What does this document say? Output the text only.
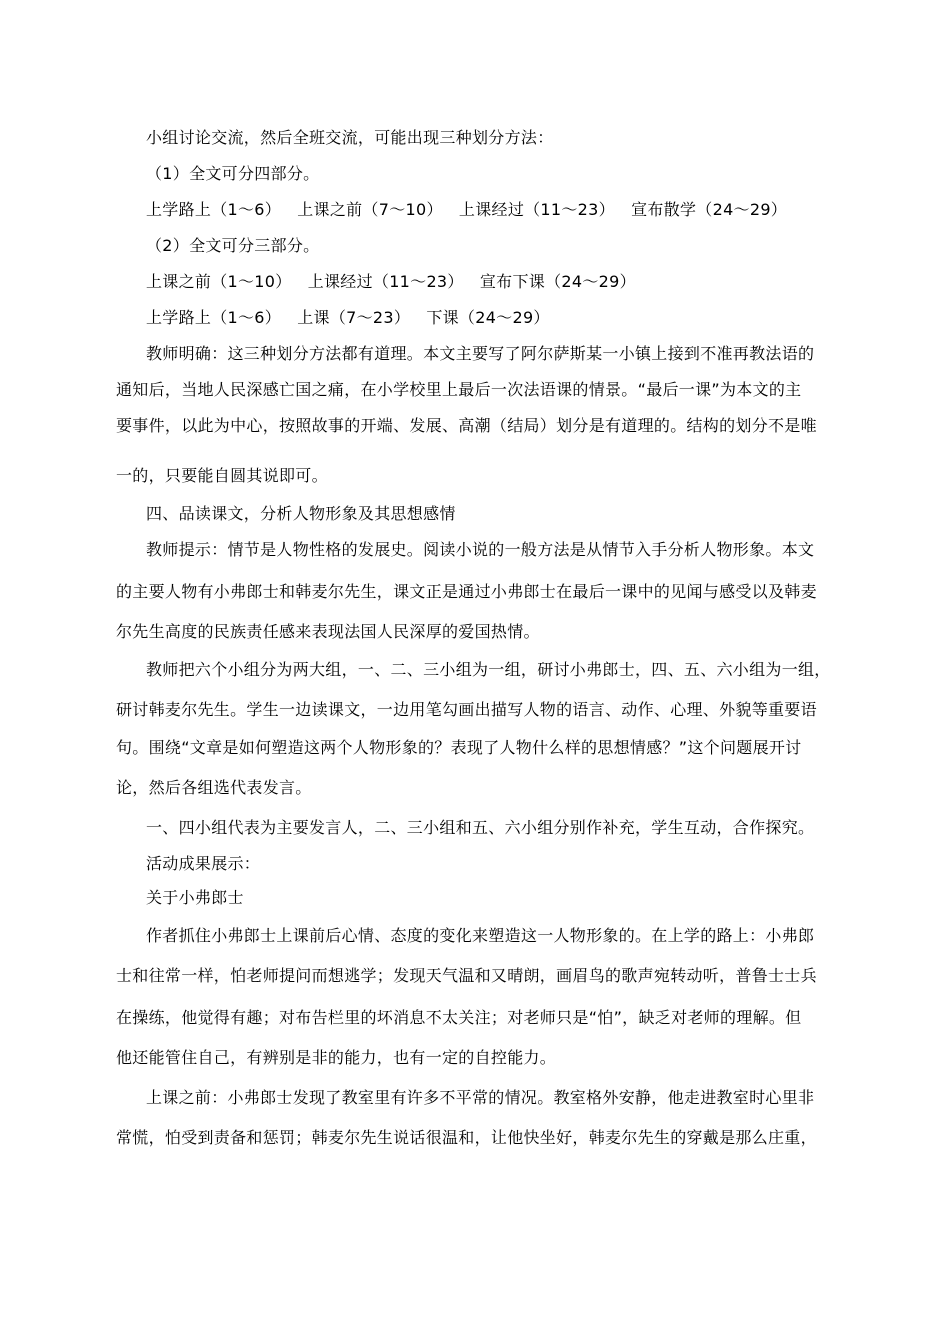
小组讨论交流，然后全班交流，可能出现三种划分方法：
（1）全文可分四部分。
上学路上（1～6）   上课之前（7～10）   上课经过（11～23）   宣布散学（24～29）
（2）全文可分三部分。
上课之前（1～10）   上课经过（11～23）   宣布下课（24～29）
上学路上（1～6）   上课（7～23）   下课（24～29）
教师明确：这三种划分方法都有道理。本文主要写了阿尔萨斯某一小镇上接到不准再教法语的
通知后，当地人民深感亡国之痛，在小学校里上最后一次法语课的情景。“最后一课”为本文的主
要事件，以此为中心，按照故事的开端、发展、高潮（结局）划分是有道理的。结构的划分不是唯
一的，只要能自圆其说即可。
四、品读课文，分析人物形象及其思想感情
教师提示：情节是人物性格的发展史。阅读小说的一般方法是从情节入手分析人物形象。本文
的主要人物有小弗郎士和韩麦尔先生，课文正是通过小弗郎士在最后一课中的见闻与感受以及韩麦
尔先生高度的民族责任感来表现法国人民深厚的爱国热情。
教师把六个小组分为两大组，一、二、三小组为一组，研讨小弗郎士，四、五、六小组为一组，
研讨韩麦尔先生。学生一边读课文，一边用笔勾画出描写人物的语言、动作、心理、外貌等重要语
句。围绕“文章是如何塑造这两个人物形象的？表现了人物什么样的思想情感？”这个问题展开讨
论，然后各组选代表发言。
一、四小组代表为主要发言人，二、三小组和五、六小组分别作补充，学生互动，合作探究。
活动成果展示：
关于小弗郎士
作者抓住小弗郎士上课前后心情、态度的变化来塑造这一人物形象的。在上学的路上：小弗郎
士和往常一样，怕老师提问而想逃学；发现天气温和又晴朗，画眉鸟的歌声宛转动听，普鲁士士兵
在操练，他觉得有趣；对布告栏里的坏消息不太关注；对老师只是“怕”，缺乏对老师的理解。但
他还能管住自己，有辨别是非的能力，也有一定的自控能力。
上课之前：小弗郎士发现了教室里有许多不平常的情况。教室格外安静，他走进教室时心里非
常慌，怕受到责备和惩罚；韩麦尔先生说话很温和，让他快坐好，韩麦尔先生的穿戴是那么庄重，
